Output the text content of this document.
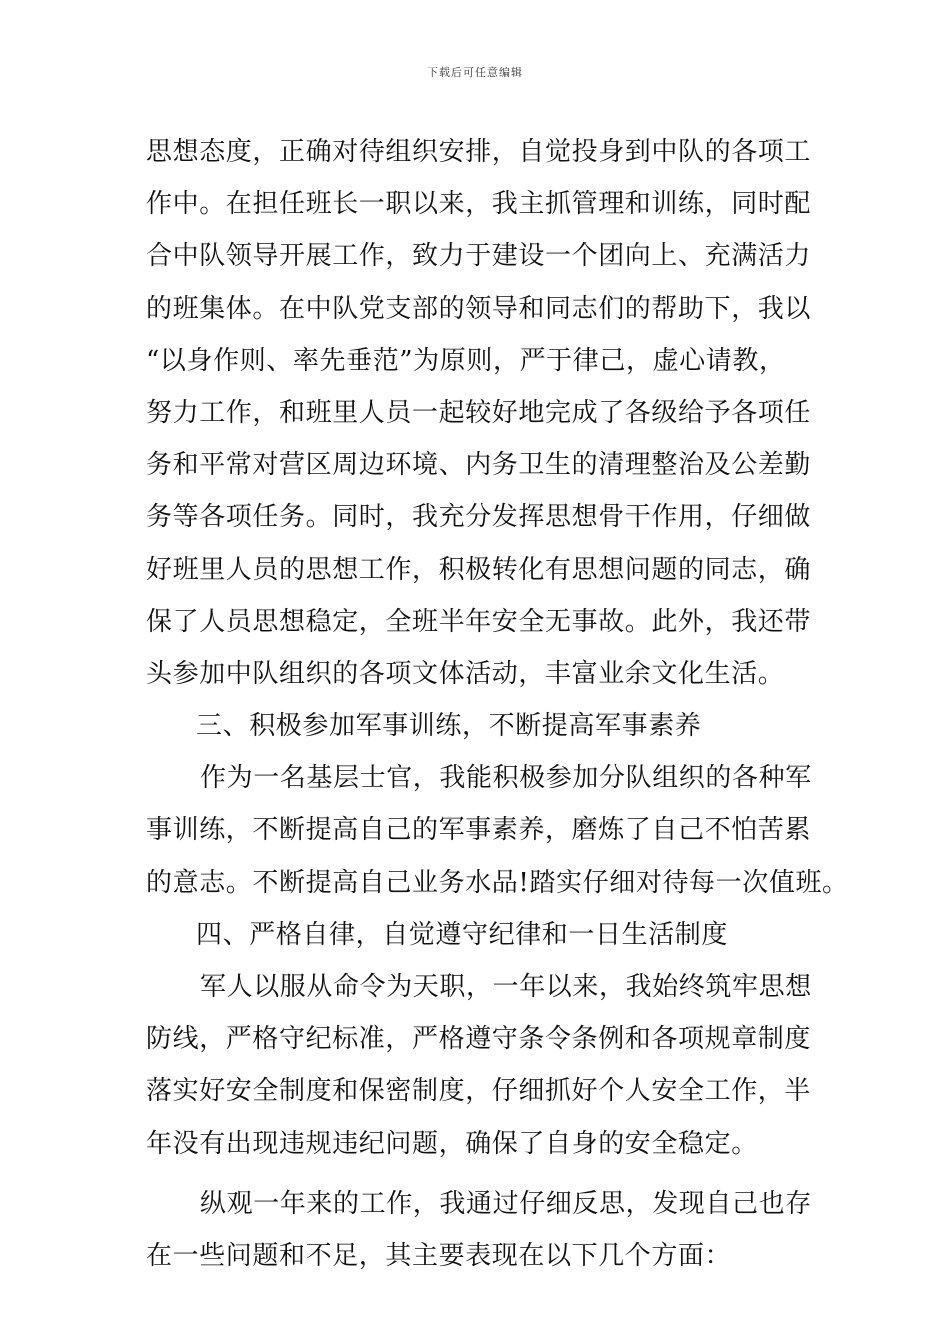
下载后可任意编辑
思想态度，正确对待组织安排，自觉投身到中队的各项工
作中。在担任班长一职以来，我主抓管理和训练，同时配
合中队领导开展工作，致力于建设一个团向上、充满活力
的班集体。在中队党支部的领导和同志们的帮助下，我以
“以身作则、率先垂范”为原则，严于律己，虚心请教，
努力工作，和班里人员一起较好地完成了各级给予各项任
务和平常对营区周边环境、内务卫生的清理整治及公差勤
务等各项任务。同时，我充分发挥思想骨干作用，仔细做
好班里人员的思想工作，积极转化有思想问题的同志，确
保了人员思想稳定，全班半年安全无事故。此外，我还带
头参加中队组织的各项文体活动，丰富业余文化生活。
三、积极参加军事训练，不断提高军事素养
作为一名基层士官，我能积极参加分队组织的各种军
事训练，不断提高自己的军事素养，磨炼了自己不怕苦累
的意志。不断提高自己业务水品!踏实仔细对待每一次值班。
四、严格自律，自觉遵守纪律和一日生活制度
军人以服从命令为天职，一年以来，我始终筑牢思想
防线，严格守纪标准，严格遵守条令条例和各项规章制度
落实好安全制度和保密制度，仔细抓好个人安全工作，半
年没有出现违规违纪问题，确保了自身的安全稳定。
纵观一年来的工作，我通过仔细反思，发现自己也存
在一些问题和不足，其主要表现在以下几个方面：
